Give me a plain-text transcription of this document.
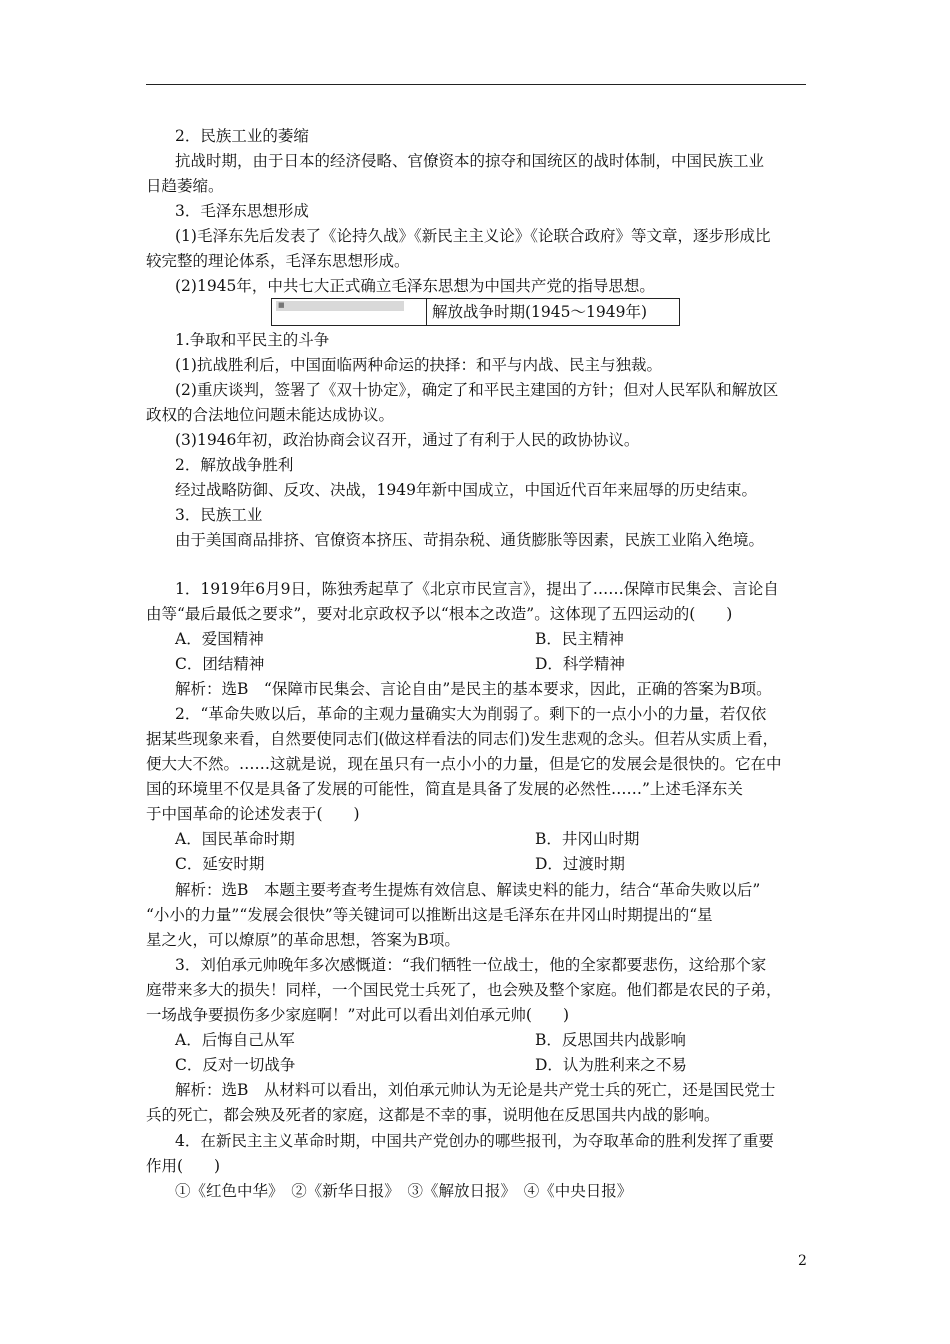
2．民族工业的萎缩
抗战时期，由于日本的经济侵略、官僚资本的掠夺和国统区的战时体制，中国民族工业
日趋萎缩。
3．毛泽东思想形成
(1)毛泽东先后发表了《论持久战》《新民主主义论》《论联合政府》等文章，逐步形成比
较完整的理论体系，毛泽东思想形成。
(2)1945年，中共七大正式确立毛泽东思想为中国共产党的指导思想。
■	解放战争时期(1945～1949年)
1.争取和平民主的斗争
(1)抗战胜利后，中国面临两种命运的抉择：和平与内战、民主与独裁。
(2)重庆谈判，签署了《双十协定》，确定了和平民主建国的方针；但对人民军队和解放区
政权的合法地位问题未能达成协议。
(3)1946年初，政治协商会议召开，通过了有利于人民的政协协议。
2．解放战争胜利
经过战略防御、反攻、决战，1949年新中国成立，中国近代百年来屈辱的历史结束。
3．民族工业
由于美国商品排挤、官僚资本挤压、苛捐杂税、通货膨胀等因素，民族工业陷入绝境。
1．1919年6月9日，陈独秀起草了《北京市民宣言》，提出了……保障市民集会、言论自
由等“最后最低之要求”，要对北京政权予以“根本之改造”。这体现了五四运动的(　　)
A．爱国精神	B．民主精神
C．团结精神	D．科学精神
解析：选B　“保障市民集会、言论自由”是民主的基本要求，因此，正确的答案为B项。
2．“革命失败以后，革命的主观力量确实大为削弱了。剩下的一点小小的力量，若仅依
据某些现象来看，自然要使同志们(做这样看法的同志们)发生悲观的念头。但若从实质上看，
便大大不然。……这就是说，现在虽只有一点小小的力量，但是它的发展会是很快的。它在中
国的环境里不仅是具备了发展的可能性，简直是具备了发展的必然性……”上述毛泽东关
于中国革命的论述发表于(　　)
A．国民革命时期	B．井冈山时期
C．延安时期	D．过渡时期
解析：选B　本题主要考查考生提炼有效信息、解读史料的能力，结合“革命失败以后”
“小小的力量”“发展会很快”等关键词可以推断出这是毛泽东在井冈山时期提出的“星
星之火，可以燎原”的革命思想，答案为B项。
3．刘伯承元帅晚年多次感慨道：“我们牺牲一位战士，他的全家都要悲伤，这给那个家
庭带来多大的损失！同样，一个国民党士兵死了，也会殃及整个家庭。他们都是农民的子弟，
一场战争要损伤多少家庭啊！”对此可以看出刘伯承元帅(　　)
A．后悔自己从军	B．反思国共内战影响
C．反对一切战争	D．认为胜利来之不易
解析：选B　从材料可以看出，刘伯承元帅认为无论是共产党士兵的死亡，还是国民党士
兵的死亡，都会殃及死者的家庭，这都是不幸的事，说明他在反思国共内战的影响。
4．在新民主主义革命时期，中国共产党创办的哪些报刊，为夺取革命的胜利发挥了重要
作用(　　)
①《红色中华》　②《新华日报》　③《解放日报》　④《中央日报》
2
